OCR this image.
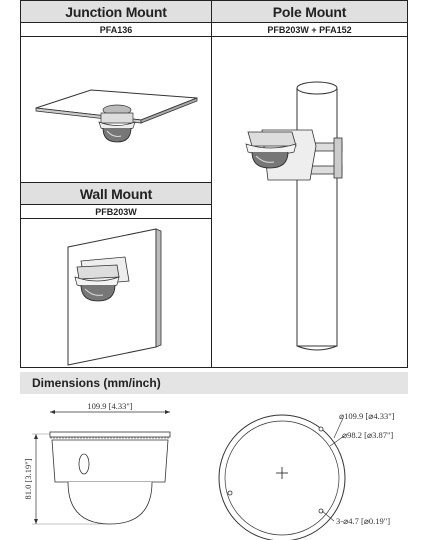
Junction Mount
PFA136
Pole Mount
PFB203W + PFA152
Wall Mount
PFB203W
Dimensions (mm/inch)
109.9 [4.33"]
81.0 [3.19"]
⌀109.9 [⌀4.33"]
⌀98.2 [⌀3.87"]
3-⌀4.7 [⌀0.19"]
